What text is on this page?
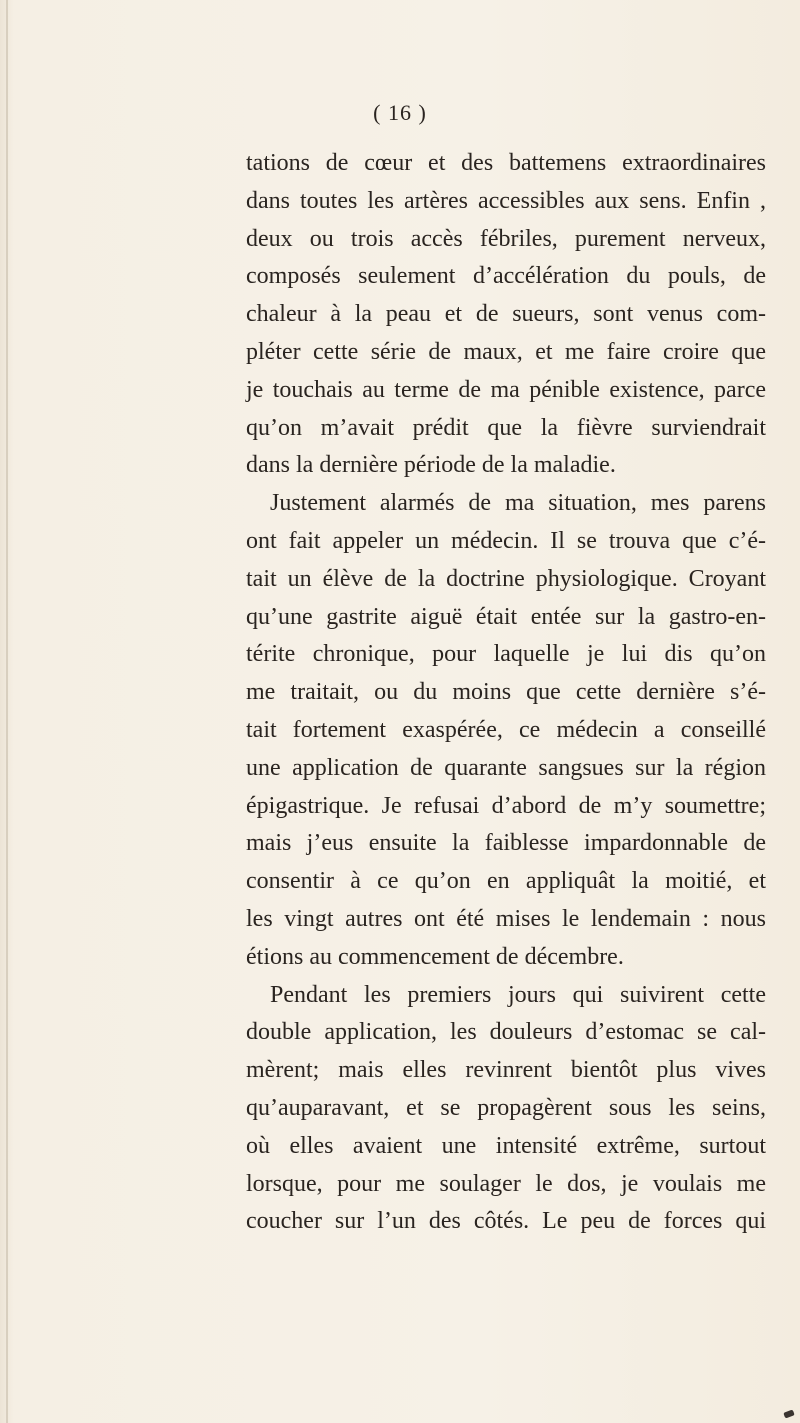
( 16 )
tations de cœur et des battemens extraordinaires
dans toutes les artères accessibles aux sens. Enfin ,
deux ou trois accès fébriles, purement nerveux,
composés seulement d’accélération du pouls, de
chaleur à la peau et de sueurs, sont venus com-
pléter cette série de maux, et me faire croire que
je touchais au terme de ma pénible existence, parce
qu’on m’avait prédit que la fièvre surviendrait
dans la dernière période de la maladie.
Justement alarmés de ma situation, mes parens
ont fait appeler un médecin. Il se trouva que c’é-
tait un élève de la doctrine physiologique. Croyant
qu’une gastrite aiguë était entée sur la gastro-en-
térite chronique, pour laquelle je lui dis qu’on
me traitait, ou du moins que cette dernière s’é-
tait fortement exaspérée, ce médecin a conseillé
une application de quarante sangsues sur la région
épigastrique. Je refusai d’abord de m’y soumettre;
mais j’eus ensuite la faiblesse impardonnable de
consentir à ce qu’on en appliquât la moitié, et
les vingt autres ont été mises le lendemain : nous
étions au commencement de décembre.
Pendant les premiers jours qui suivirent cette
double application, les douleurs d’estomac se cal-
mèrent; mais elles revinrent bientôt plus vives
qu’auparavant, et se propagèrent sous les seins,
où elles avaient une intensité extrême, surtout
lorsque, pour me soulager le dos, je voulais me
coucher sur l’un des côtés. Le peu de forces qui
